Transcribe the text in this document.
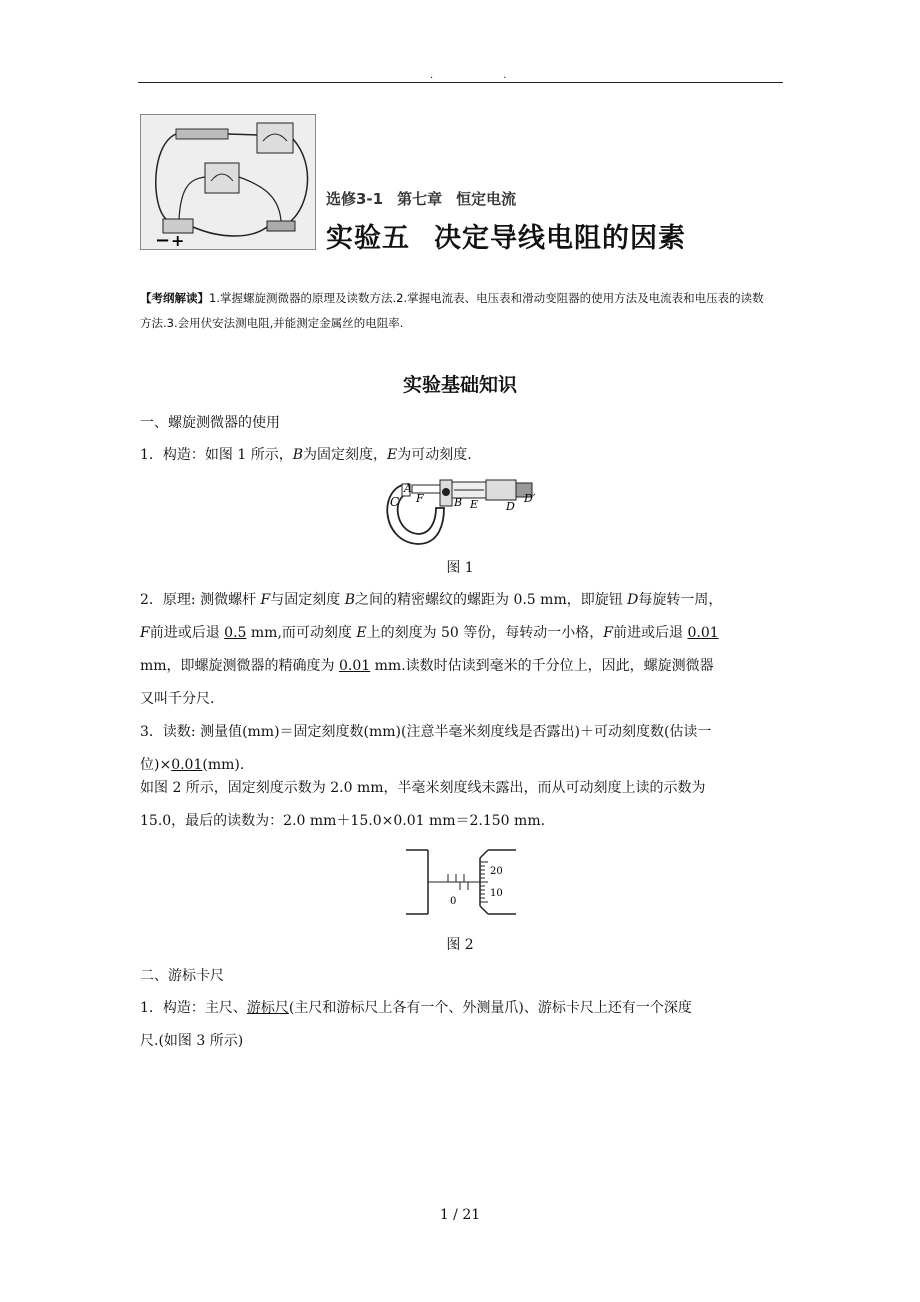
..
− +
选修3-1 第七章 恒定电流
实验五 决定导线电阻的因素
【考纲解读】1.掌握螺旋测微器的原理及读数方法.2.掌握电流表、电压表和滑动变阻器的使用方法及电流表和电压表的读数
方法.3.会用伏安法测电阻,并能测定金属丝的电阻率.
实验基础知识
一、螺旋测微器的使用
1．构造：如图 1 所示，B为固定刻度，E为可动刻度.
C
A
F	B E	D
D′
图 1
2．原理: 测微螺杆 F与固定刻度 B之间的精密螺纹的螺距为 0.5 mm，即旋钮 D每旋转一周，
F前进或后退 0.5 mm,而可动刻度 E上的刻度为 50 等份，每转动一小格，F前进或后退 0.01
mm，即螺旋测微器的精确度为 0.01 mm.读数时估读到毫米的千分位上，因此，螺旋测微器
又叫千分尺.
3．读数: 测量值(mm)＝固定刻度数(mm)(注意半毫米刻度线是否露出)＋可动刻度数(估读一
位)×0.01(mm).
如图 2 所示，固定刻度示数为 2.0 mm，半毫米刻度线未露出，而从可动刻度上读的示数为
15.0，最后的读数为：2.0 mm＋15.0×0.01 mm＝2.150 mm.
20
10
0
图 2
二、游标卡尺
1．构造：主尺、游标尺(主尺和游标尺上各有一个、外测量爪)、游标卡尺上还有一个深度
尺.(如图 3 所示)
1 / 21
